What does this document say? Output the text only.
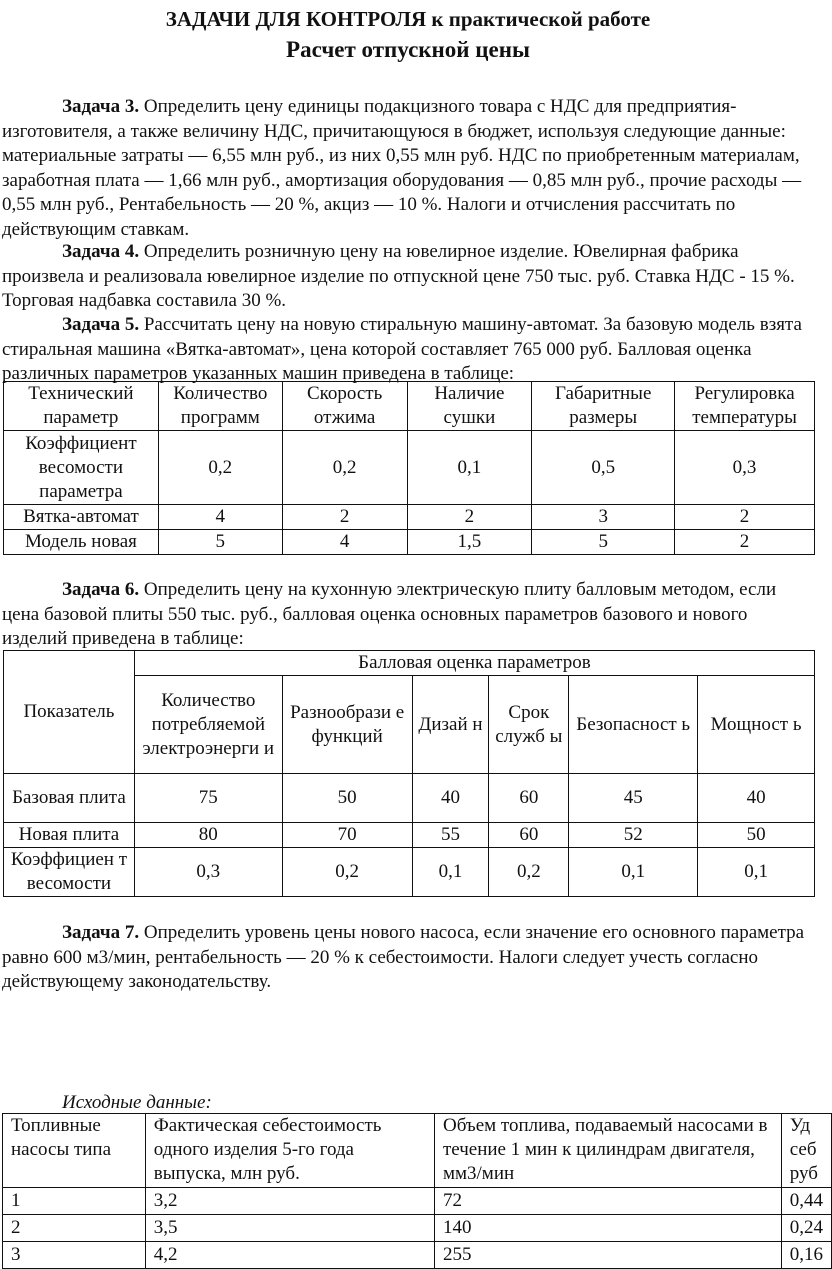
ЗАДАЧИ ДЛЯ КОНТРОЛЯ к практической работе
Расчет отпускной цены

Задача 3. Определить цену единицы подакцизного товара с НДС для предприятия-изготовителя, а также величину НДС, причитающуюся в бюджет, используя следующие данные: материальные затраты — 6,55 млн руб., из них 0,55 млн руб. НДС по приобретенным материалам, заработная плата — 1,66 млн руб., амортизация оборудования — 0,85 млн руб., прочие расходы — 0,55 млн руб., Рентабельность — 20 %, акциз — 10 %. Налоги и отчисления рассчитать по действующим ставкам.

Задача 4. Определить розничную цену на ювелирное изделие. Ювелирная фабрика произвела и реализовала ювелирное изделие по отпускной цене 750 тыс. руб. Ставка НДС - 15 %. Торговая надбавка составила 30 %.

Задача 5. Рассчитать цену на новую стиральную машину-автомат. За базовую модель взята стиральная машина «Вятка-автомат», цена которой составляет 765 000 руб. Балловая оценка различных параметров указанных машин приведена в таблице:

Технический параметр	Количество программ	Скорость отжима	Наличие сушки	Габаритные размеры	Регулировка температуры
Коэффициент весомости параметра	0,2	0,2	0,1	0,5	0,3
Вятка-автомат	4	2	2	3	2
Модель новая	5	4	1,5	5	2

Задача 6. Определить цену на кухонную электрическую плиту балловым методом, если цена базовой плиты 550 тыс. руб., балловая оценка основных параметров базового и нового изделий приведена в таблице:

Показатель	Балловая оценка параметров					
	Количество потребляемой электроэнерги и	Разнообрази е функций	Дизай н	Срок служб ы	Безопасност ь	Мощност ь
Базовая плита	75	50	40	60	45	40
Новая плита	80	70	55	60	52	50
Коэффициен т весомости	0,3	0,2	0,1	0,2	0,1	0,1

Задача 7. Определить уровень цены нового насоса, если значение его основного параметра равно 600 м3/мин, рентабельность — 20 % к себестоимости. Налоги следует учесть согласно действующему законодательству.

Исходные данные:
Топливные насосы типа	Фактическая себестоимость одного изделия 5-го года выпуска, млн руб.	Объем топлива, подаваемый насосами в течение 1 мин к цилиндрам двигателя, мм3/мин	Уд себ руб
1	3,2	72	0,44
2	3,5	140	0,24
3	4,2	255	0,16
